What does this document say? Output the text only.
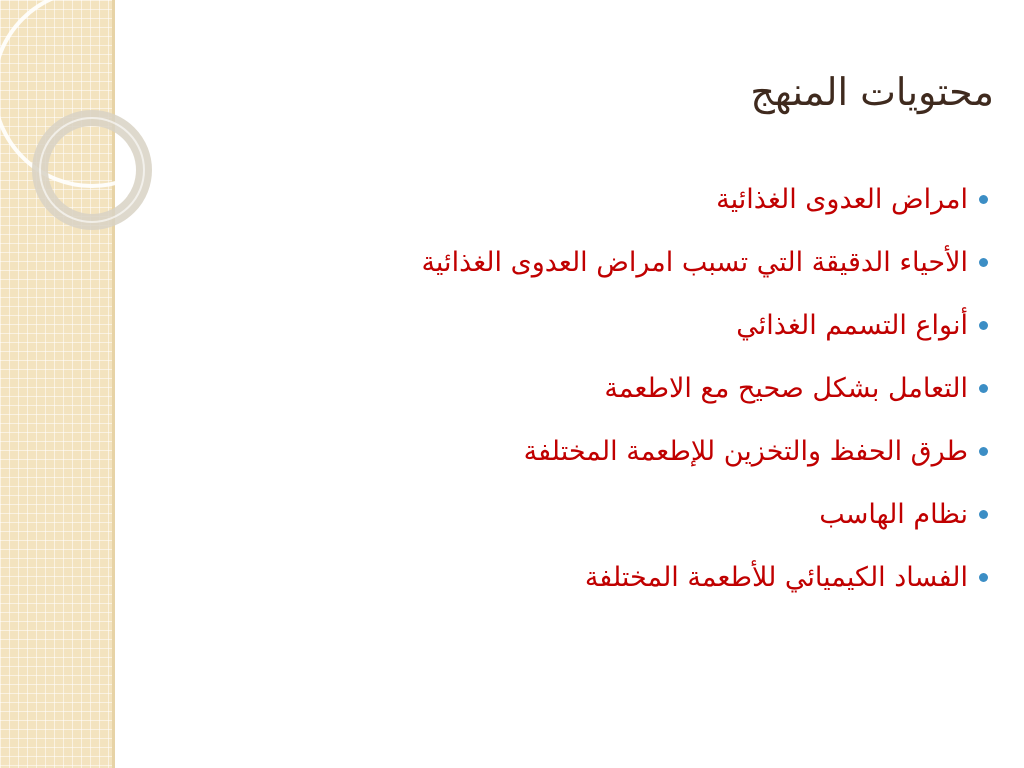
محتويات المنهج
امراض العدوى الغذائية
الأحياء الدقيقة التي تسبب امراض العدوى الغذائية
أنواع التسمم الغذائي
التعامل بشكل صحيح مع الاطعمة
طرق الحفظ والتخزين للإطعمة المختلفة
نظام الهاسب
الفساد الكيميائي للأطعمة المختلفة
